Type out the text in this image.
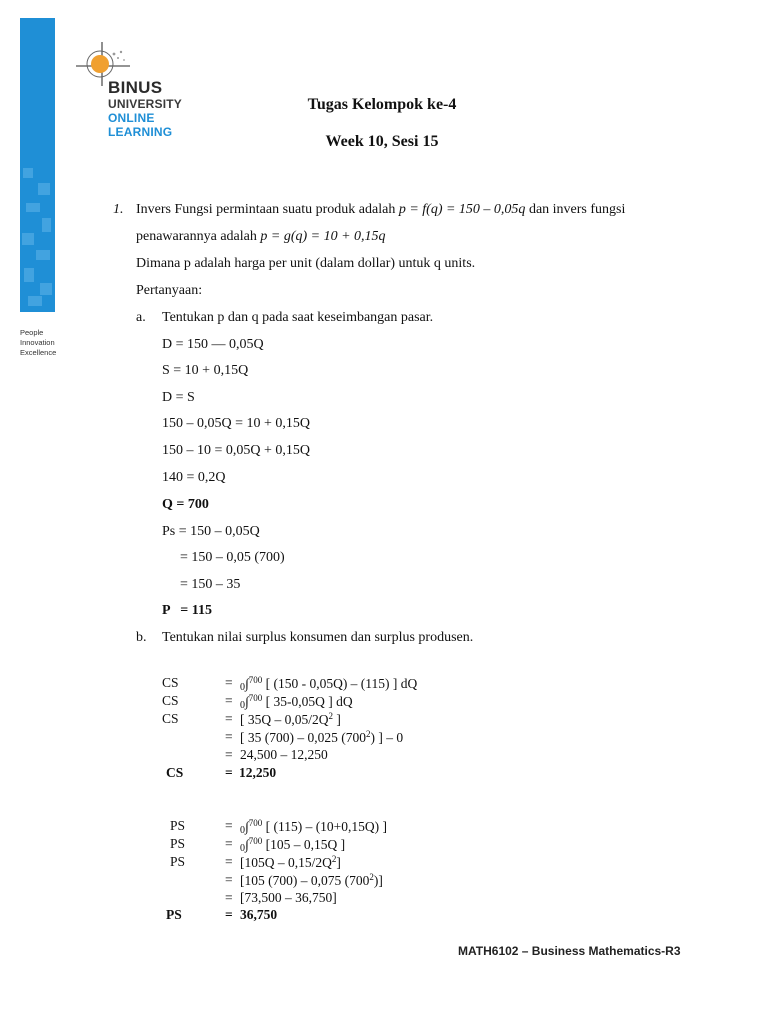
BINUS
UNIVERSITY
ONLINE
LEARNING
People
Innovation
Excellence
Tugas Kelompok ke-4
Week 10, Sesi 15
1. Invers Fungsi permintaan suatu produk adalah p = f(q) = 150 – 0,05q dan invers fungsi
penawarannya adalah p = g(q) = 10 + 0,15q
Dimana p adalah harga per unit (dalam dollar) untuk q units.
Pertanyaan:
a. Tentukan p dan q pada saat keseimbangan pasar.
D = 150 — 0,05Q
S = 10 + 0,15Q
D = S
150 – 0,05Q = 10 + 0,15Q
150 – 10 = 0,05Q + 0,15Q
140 = 0,2Q
Q = 700
Ps = 150 – 0,05Q
= 150 – 0,05 (700)
= 150 – 35
P   = 115
b. Tentukan nilai surplus konsumen dan surplus produsen.
CS	= 0∫$^{700}$ [ (150 - 0,05Q) – (115) ] dQ
CS	= 0∫$^{700}$ [ 35-0,05Q ] dQ
CS	= [ $35Q - 0,05/2Q^2$ ]
= [ 35 (700) – 0,025 $(700^2)$ ] – 0
= 24,500 – 12,250
CS	= 12,250
PS	= 0∫$^{700}$ [ (115) – (10+0,15Q) ]
PS	= 0∫$^{700}$ [105 – 0,15Q ]
PS	= $[105Q - 0,15/2Q^2]$
= [105 (700) – 0,075 $(700^2)$]
= [73,500 – 36,750]
PS	= 36,750
MATH6102 – Business Mathematics-R3
